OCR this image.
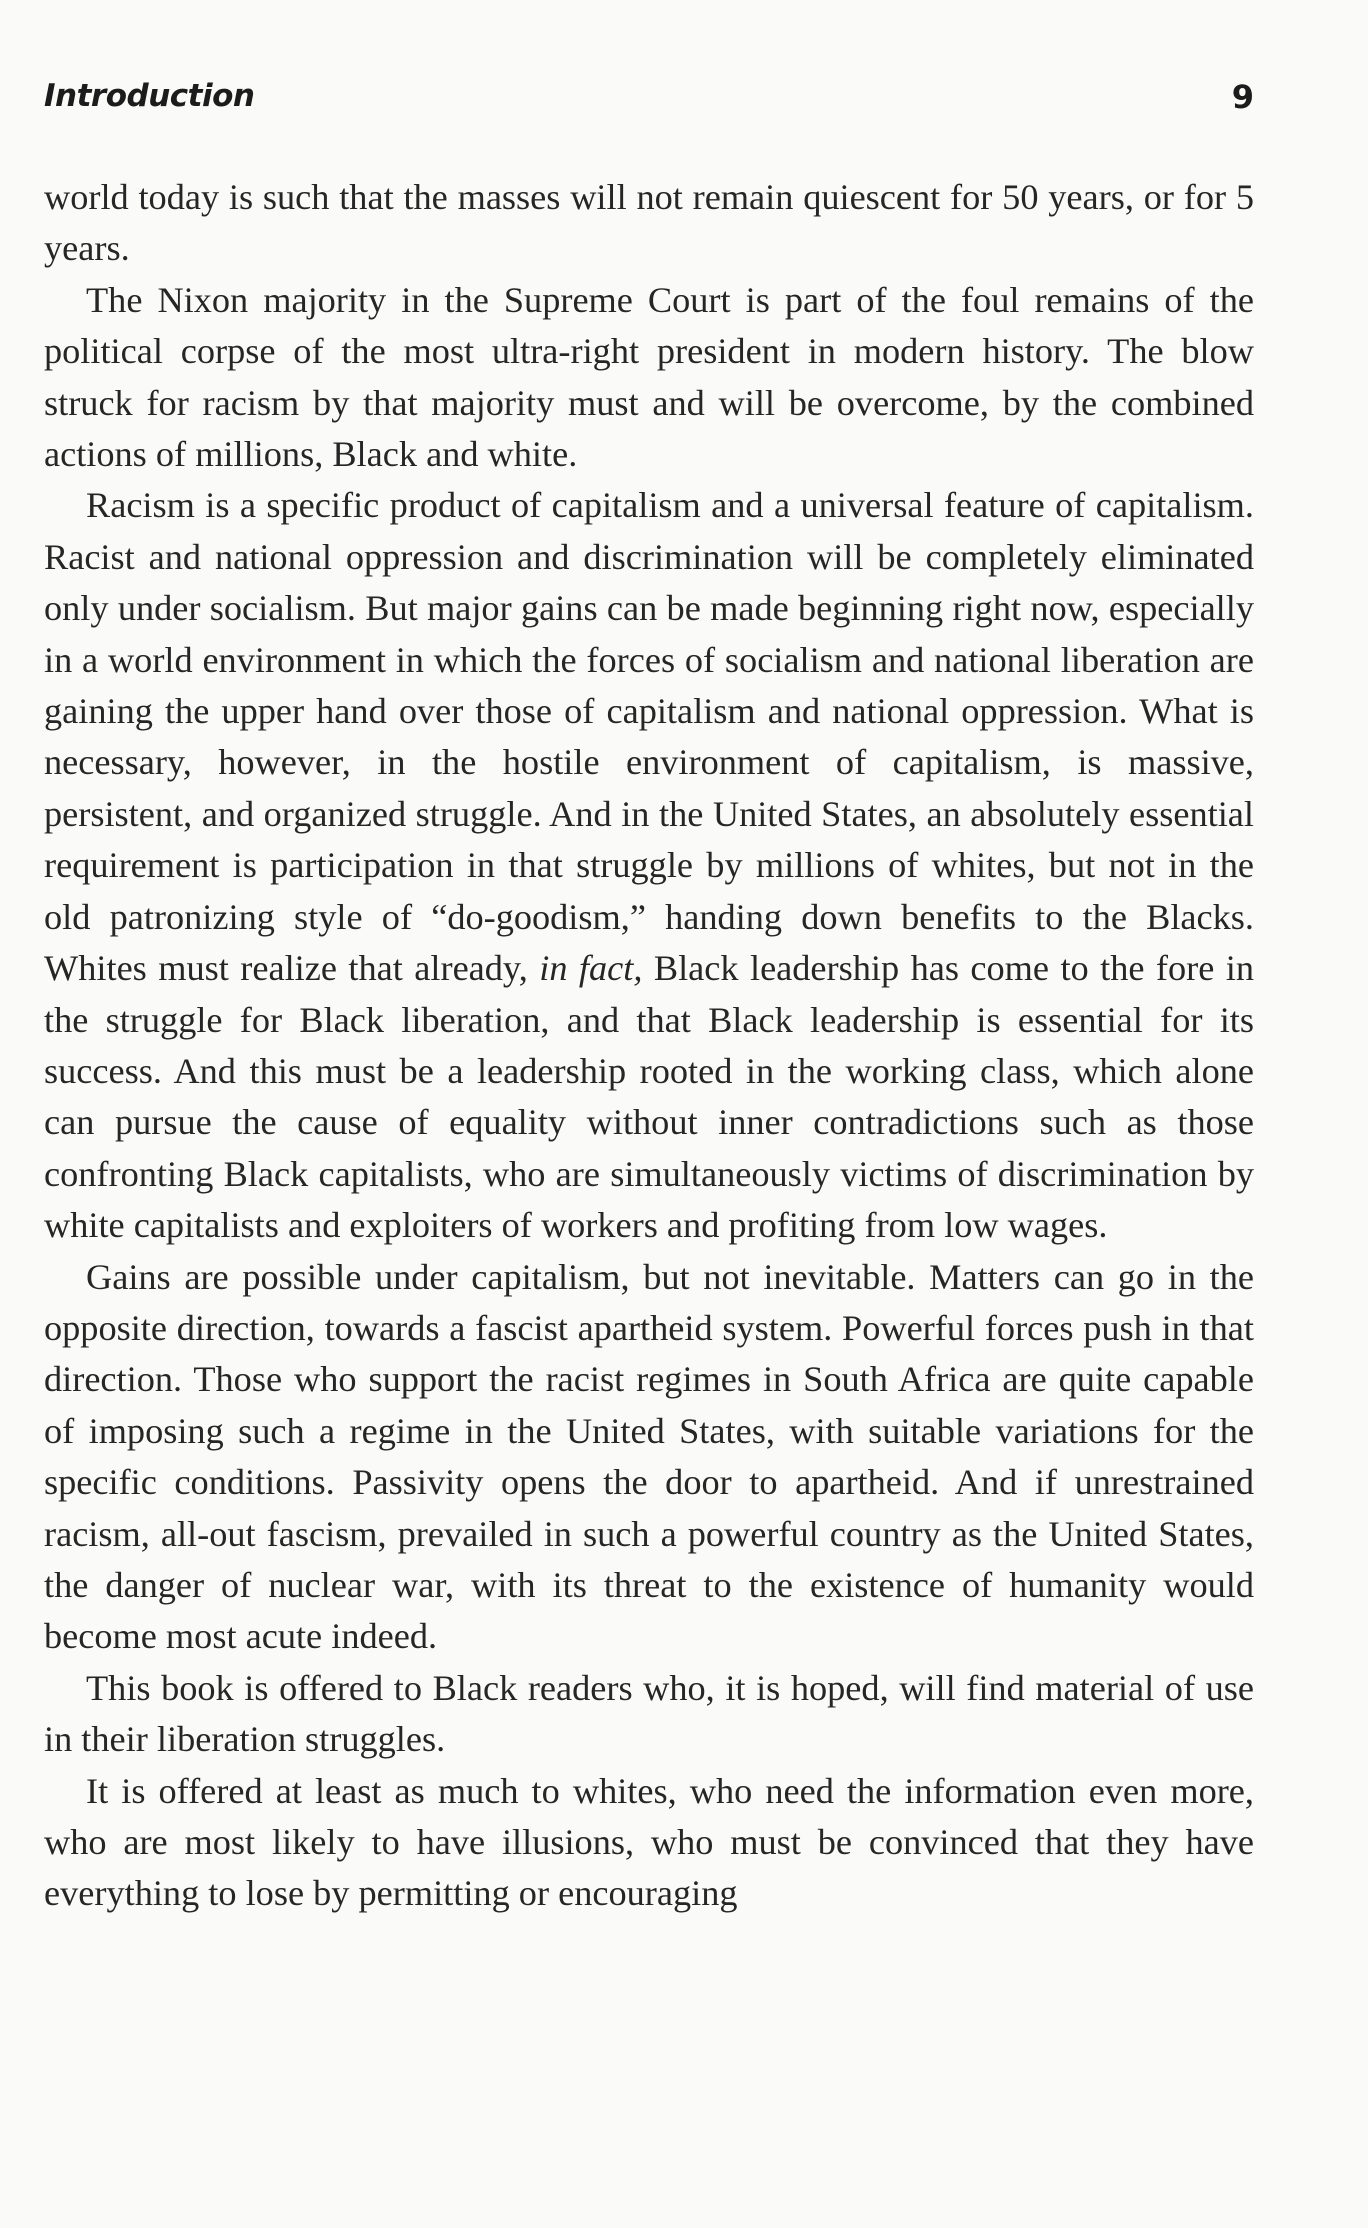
Introduction	9

world today is such that the masses will not remain quiescent for 50 years, or for 5 years.

The Nixon majority in the Supreme Court is part of the foul remains of the political corpse of the most ultra-right president in modern history. The blow struck for racism by that majority must and will be overcome, by the combined actions of millions, Black and white.

Racism is a specific product of capitalism and a universal feature of capitalism. Racist and national oppression and discrimination will be completely eliminated only under socialism. But major gains can be made beginning right now, especially in a world environment in which the forces of socialism and national liberation are gaining the upper hand over those of capitalism and national oppression. What is necessary, however, in the hostile environment of capitalism, is massive, persistent, and organized struggle. And in the United States, an absolutely essential requirement is participation in that struggle by millions of whites, but not in the old patronizing style of “do-goodism,” handing down benefits to the Blacks. Whites must realize that already, in fact, Black leadership has come to the fore in the struggle for Black liberation, and that Black leadership is essential for its success. And this must be a leadership rooted in the working class, which alone can pursue the cause of equality without inner contradictions such as those confronting Black capitalists, who are simultaneously victims of discrimination by white capitalists and exploiters of workers and profiting from low wages.

Gains are possible under capitalism, but not inevitable. Matters can go in the opposite direction, towards a fascist apartheid system. Powerful forces push in that direction. Those who support the racist regimes in South Africa are quite capable of imposing such a regime in the United States, with suitable variations for the specific conditions. Passivity opens the door to apartheid. And if unrestrained racism, all-out fascism, prevailed in such a powerful country as the United States, the danger of nuclear war, with its threat to the existence of humanity would become most acute indeed.

This book is offered to Black readers who, it is hoped, will find material of use in their liberation struggles.

It is offered at least as much to whites, who need the information even more, who are most likely to have illusions, who must be convinced that they have everything to lose by permitting or encouraging
